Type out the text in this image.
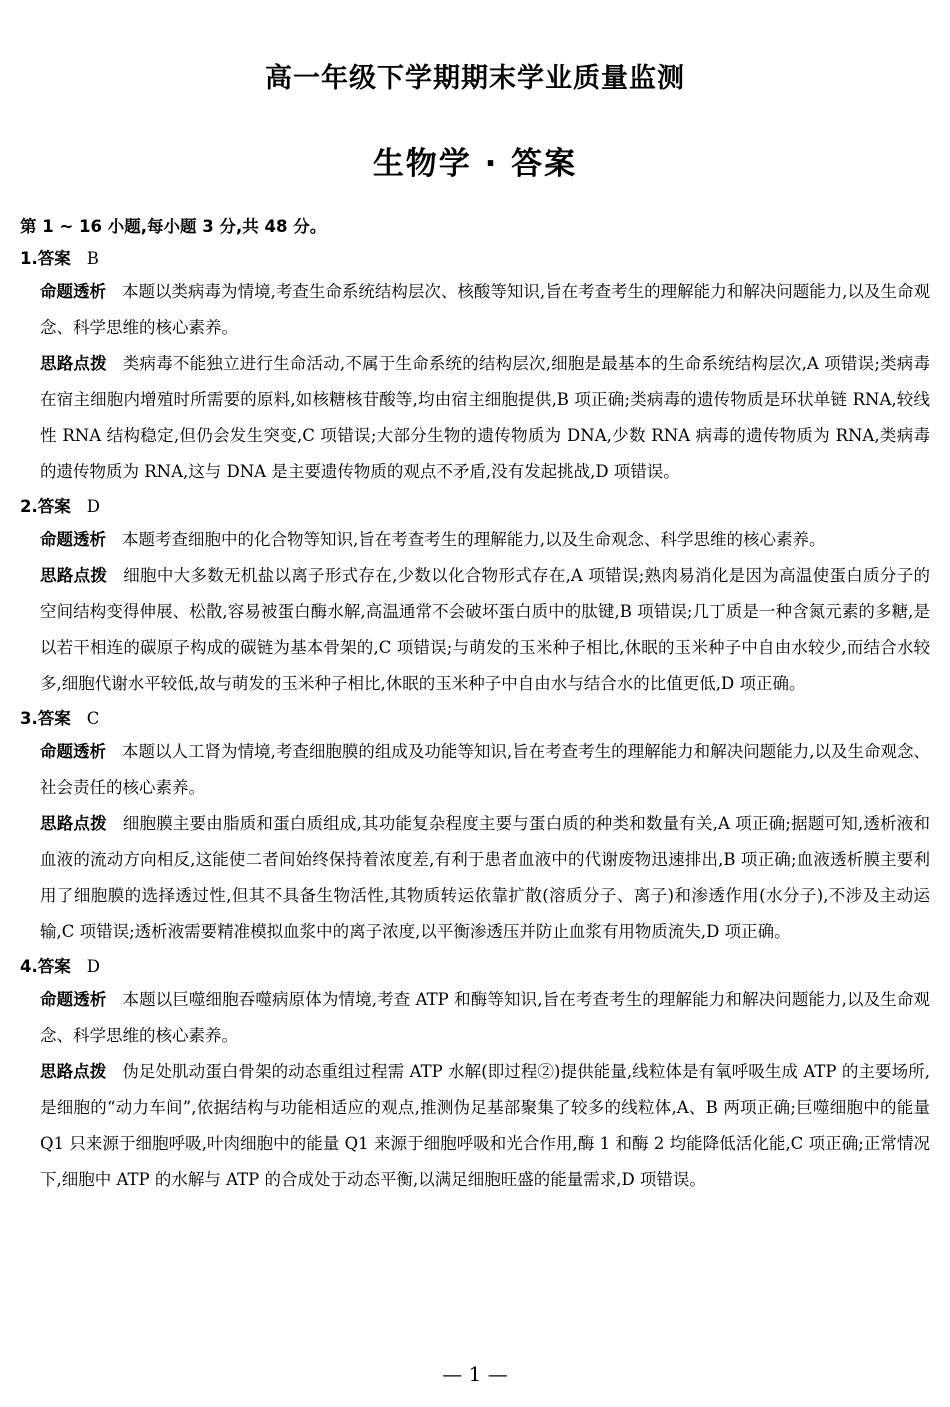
高一年级下学期期末学业质量监测
生物学 · 答案
第 1 ~ 16 小题,每小题 3 分,共 48 分。
1.答案 B
命题透析 本题以类病毒为情境,考查生命系统结构层次、核酸等知识,旨在考查考生的理解能力和解决问题能力,以及生命观念、科学思维的核心素养。
思路点拨 类病毒不能独立进行生命活动,不属于生命系统的结构层次,细胞是最基本的生命系统结构层次,A 项错误;类病毒在宿主细胞内增殖时所需要的原料,如核糖核苷酸等,均由宿主细胞提供,B 项正确;类病毒的遗传物质是环状单链 RNA,较线性 RNA 结构稳定,但仍会发生突变,C 项错误;大部分生物的遗传物质为 DNA,少数 RNA 病毒的遗传物质为 RNA,类病毒的遗传物质为 RNA,这与 DNA 是主要遗传物质的观点不矛盾,没有发起挑战,D 项错误。
2.答案 D
命题透析 本题考查细胞中的化合物等知识,旨在考查考生的理解能力,以及生命观念、科学思维的核心素养。
思路点拨 细胞中大多数无机盐以离子形式存在,少数以化合物形式存在,A 项错误;熟肉易消化是因为高温使蛋白质分子的空间结构变得伸展、松散,容易被蛋白酶水解,高温通常不会破坏蛋白质中的肽键,B 项错误;几丁质是一种含氮元素的多糖,是以若干相连的碳原子构成的碳链为基本骨架的,C 项错误;与萌发的玉米种子相比,休眠的玉米种子中自由水较少,而结合水较多,细胞代谢水平较低,故与萌发的玉米种子相比,休眠的玉米种子中自由水与结合水的比值更低,D 项正确。
3.答案 C
命题透析 本题以人工肾为情境,考查细胞膜的组成及功能等知识,旨在考查考生的理解能力和解决问题能力,以及生命观念、社会责任的核心素养。
思路点拨 细胞膜主要由脂质和蛋白质组成,其功能复杂程度主要与蛋白质的种类和数量有关,A 项正确;据题可知,透析液和血液的流动方向相反,这能使二者间始终保持着浓度差,有利于患者血液中的代谢废物迅速排出,B 项正确;血液透析膜主要利用了细胞膜的选择透过性,但其不具备生物活性,其物质转运依靠扩散(溶质分子、离子)和渗透作用(水分子),不涉及主动运输,C 项错误;透析液需要精准模拟血浆中的离子浓度,以平衡渗透压并防止血浆有用物质流失,D 项正确。
4.答案 D
命题透析 本题以巨噬细胞吞噬病原体为情境,考查 ATP 和酶等知识,旨在考查考生的理解能力和解决问题能力,以及生命观念、科学思维的核心素养。
思路点拨 伪足处肌动蛋白骨架的动态重组过程需 ATP 水解(即过程②)提供能量,线粒体是有氧呼吸生成 ATP 的主要场所,是细胞的“动力车间”,依据结构与功能相适应的观点,推测伪足基部聚集了较多的线粒体,A、B 两项正确;巨噬细胞中的能量 Q1 只来源于细胞呼吸,叶肉细胞中的能量 Q1 来源于细胞呼吸和光合作用,酶 1 和酶 2 均能降低活化能,C 项正确;正常情况下,细胞中 ATP 的水解与 ATP 的合成处于动态平衡,以满足细胞旺盛的能量需求,D 项错误。
— 1 —
